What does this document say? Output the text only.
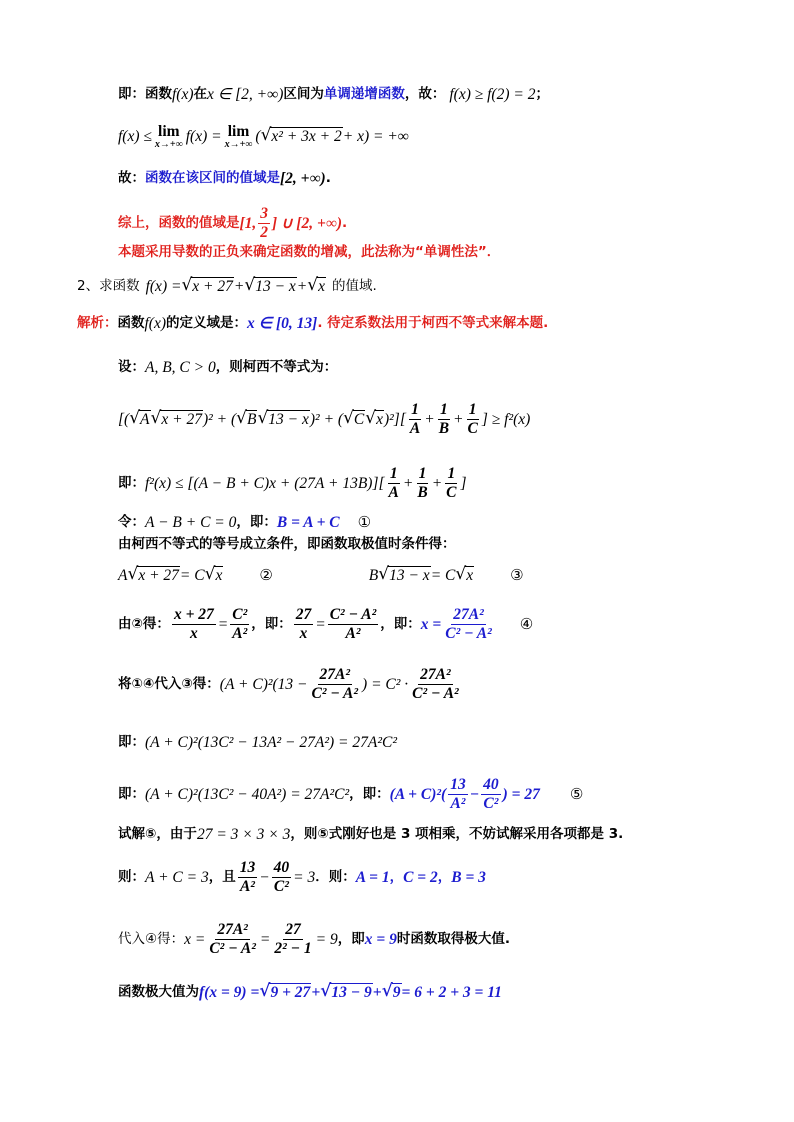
即：函数 f(x) 在 x ∈ [2, +∞) 区间为 单调递增函数 ，故： f(x) ≥ f(2) = 2 ；
f(x) ≤ lim
x→+∞ f(x) = lim
x→+∞ ( √ x² + 3x + 2 + x) = +∞
故： 函数在该区间的值域是 [2, +∞) .
综上，函数的值域是 [1, $\frac{3}{2}$ ] ∪ [2, +∞) .
本题采用导数的正负来确定函数的增减，此法称为“单调性法”．
2、求函数 f(x) = √ x + 27 + √ 13 − x + √ x 的值域.
解析： 函数 f(x) 的定义域是： x ∈ [0, 13] . 待定系数法用于柯西不等式来解本题.
设： A, B, C > 0 ，则柯西不等式为：
[( √ A √ x + 27 )² + ( √ B √ 13 − x )² + ( √ C √ x )$^2][ \frac{1}{A} + \frac{1}{B} + \frac{1}{C}$ ] ≥ f²(x)
即： $f^2(x) \le [(A - B + C)x + (27A + 13B)][ \frac{1}{A} + \frac{1}{B} + \frac{1}{C}$ ]
令： A − B + C = 0 ，即： B = A + C ①
由柯西不等式的等号成立条件，即函数取极值时条件得：
A √ x + 27 = C √ x ②	B √ 13 − x = C √ x ③
由②得： $\frac{x + 27}{x} = \frac{\text{C²}}{\text{A²}}$ ，即： $\frac{27}{x} = \frac{\text{C² − A²}}{\text{A²}}$ ，即： $x = \frac{\text{27A²}}{\text{C² − A²}}$ ④
将①④代入③得： $(A + C)^2(13 - \frac{\text{27A²}}{\text{C² − A²}}$ ) = $C^2 \cdot \frac{\text{27A²}}{\text{C² − A²}}$
即： (A + C)²(13C² − 13A² − 27A²) = 27A²C²
即： (A + C)²(13C² − 40A²) = 27A²C² ，即： $(A + C)^2( \frac{13}{\text{A²}} - \frac{40}{\text{C²}}$ ) = 27 ⑤
试解⑤，由于 27 = 3 × 3 × 3 ，则⑤式刚好也是 3 项相乘，不妨试解采用各项都是 3.
则： A + C = 3 ，且 $\frac{13}{\text{A²}} - \frac{40}{\text{C²}} = 3$ ．则： A = 1 ， C = 2 ， B = 3
代入④得： $x = \frac{\text{27A²}}{\text{C² − A²}} = \frac{27}{\text{2² − 1}} = 9$ ，即 x = 9 时函数取得极大值.
函数极大值为 f(x = 9) = √ 9 + 27 + √ 13 − 9 + √ 9 = 6 + 2 + 3 = 11
